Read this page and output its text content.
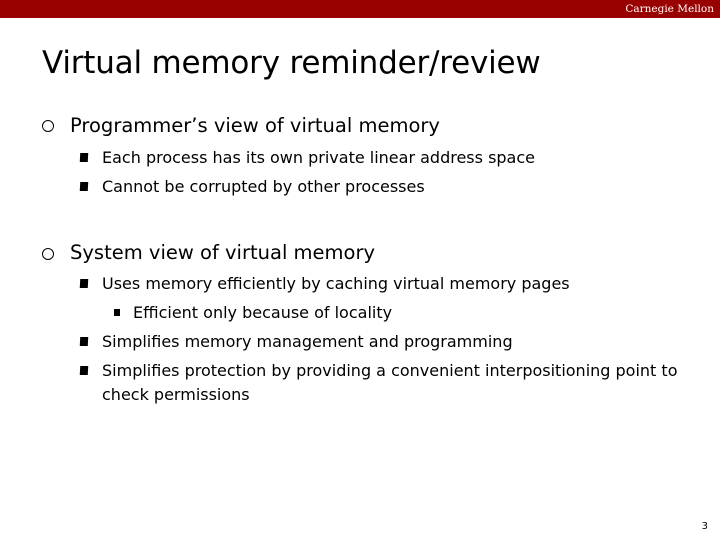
Carnegie Mellon
Virtual memory reminder/review
Programmer’s view of virtual memory
Each process has its own private linear address space
Cannot be corrupted by other processes
System view of virtual memory
Uses memory efficiently by caching virtual memory pages
Efficient only because of locality
Simplifies memory management and programming
Simplifies protection by providing a convenient interpositioning point to check permissions
3
